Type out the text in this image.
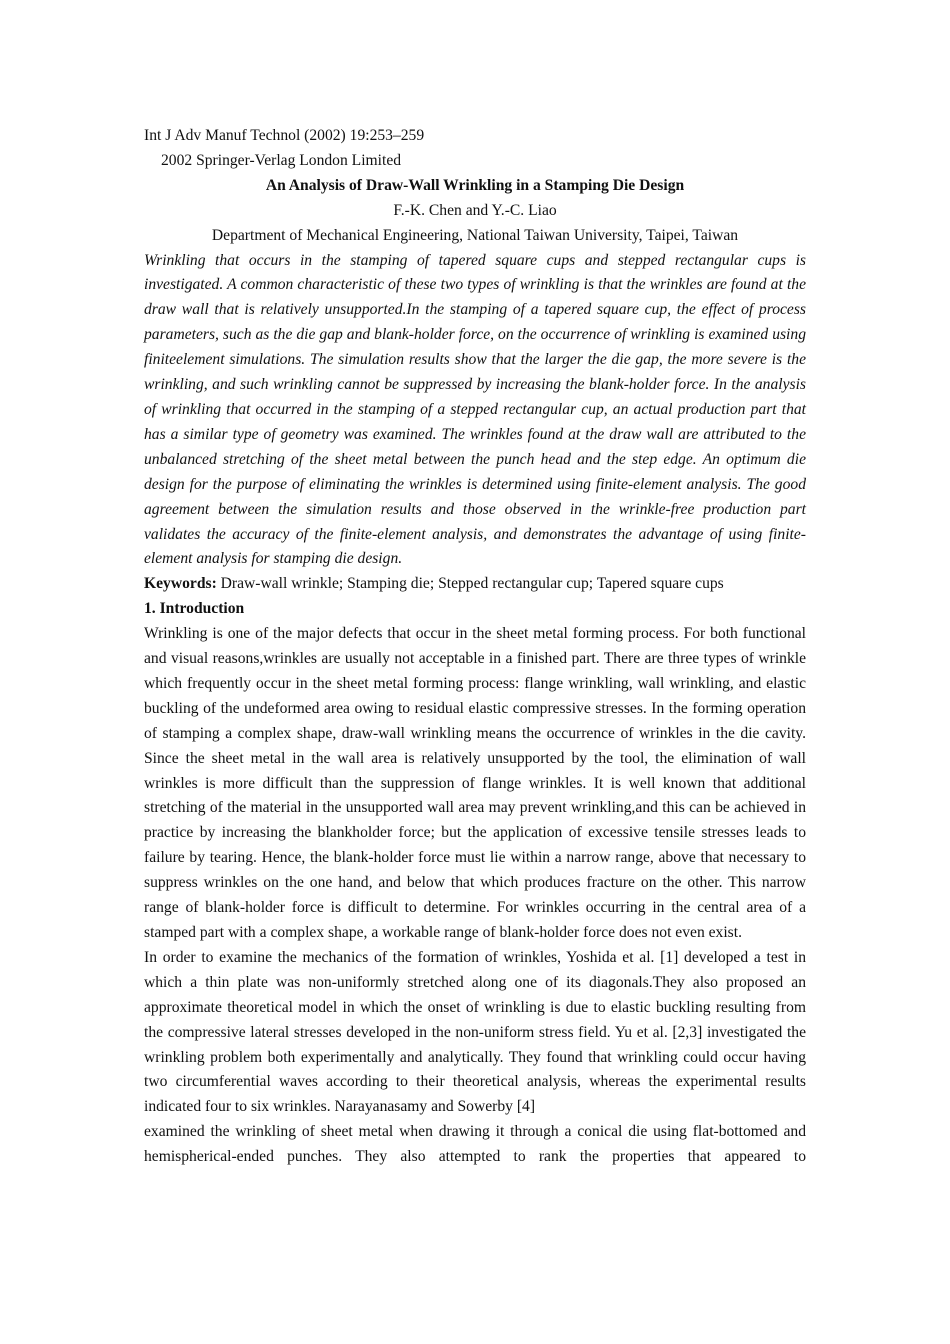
Int J Adv Manuf Technol (2002) 19:253–259

2002 Springer-Verlag London Limited

An Analysis of Draw-Wall Wrinkling in a Stamping Die Design

F.-K. Chen and Y.-C. Liao

Department of Mechanical Engineering, National Taiwan University, Taipei, Taiwan

Wrinkling that occurs in the stamping of tapered square cups and stepped rectangular cups is investigated. A common characteristic of these two types of wrinkling is that the wrinkles are found at the draw wall that is relatively unsupported.In the stamping of a tapered square cup, the effect of process parameters, such as the die gap and blank-holder force, on the occurrence of wrinkling is examined using finiteelement simulations. The simulation results show that the larger the die gap, the more severe is the wrinkling, and such wrinkling cannot be suppressed by increasing the blank-holder force. In the analysis of wrinkling that occurred in the stamping of a stepped rectangular cup, an actual production part that has a similar type of geometry was examined. The wrinkles found at the draw wall are attributed to the unbalanced stretching of the sheet metal between the punch head and the step edge. An optimum die design for the purpose of eliminating the wrinkles is determined using finite-element analysis. The good agreement between the simulation results and those observed in the wrinkle-free production part validates the accuracy of the finite-element analysis, and demonstrates the advantage of using finite-element analysis for stamping die design.

Keywords: Draw-wall wrinkle; Stamping die; Stepped rectangular cup; Tapered square cups

1. Introduction

Wrinkling is one of the major defects that occur in the sheet metal forming process. For both functional and visual reasons,wrinkles are usually not acceptable in a finished part. There are three types of wrinkle which frequently occur in the sheet metal forming process: flange wrinkling, wall wrinkling, and elastic buckling of the undeformed area owing to residual elastic compressive stresses. In the forming operation of stamping a complex shape, draw-wall wrinkling means the occurrence of wrinkles in the die cavity. Since the sheet metal in the wall area is relatively unsupported by the tool, the elimination of wall wrinkles is more difficult than the suppression of flange wrinkles. It is well known that additional stretching of the material in the unsupported wall area may prevent wrinkling,and this can be achieved in practice by increasing the blankholder force; but the application of excessive tensile stresses leads to failure by tearing. Hence, the blank-holder force must lie within a narrow range, above that necessary to suppress wrinkles on the one hand, and below that which produces fracture on the other. This narrow range of blank-holder force is difficult to determine. For wrinkles occurring in the central area of a stamped part with a complex shape, a workable range of blank-holder force does not even exist.

In order to examine the mechanics of the formation of wrinkles, Yoshida et al. [1] developed a test in which a thin plate was non-uniformly stretched along one of its diagonals.They also proposed an approximate theoretical model in which the onset of wrinkling is due to elastic buckling resulting from the compressive lateral stresses developed in the non-uniform stress field. Yu et al. [2,3] investigated the wrinkling problem both experimentally and analytically. They found that wrinkling could occur having two circumferential waves according to their theoretical analysis, whereas the experimental results indicated four to six wrinkles. Narayanasamy and Sowerby [4]

examined the wrinkling of sheet metal when drawing it through a conical die using flat-bottomed and hemispherical-ended punches. They also attempted to rank the properties that appeared to
